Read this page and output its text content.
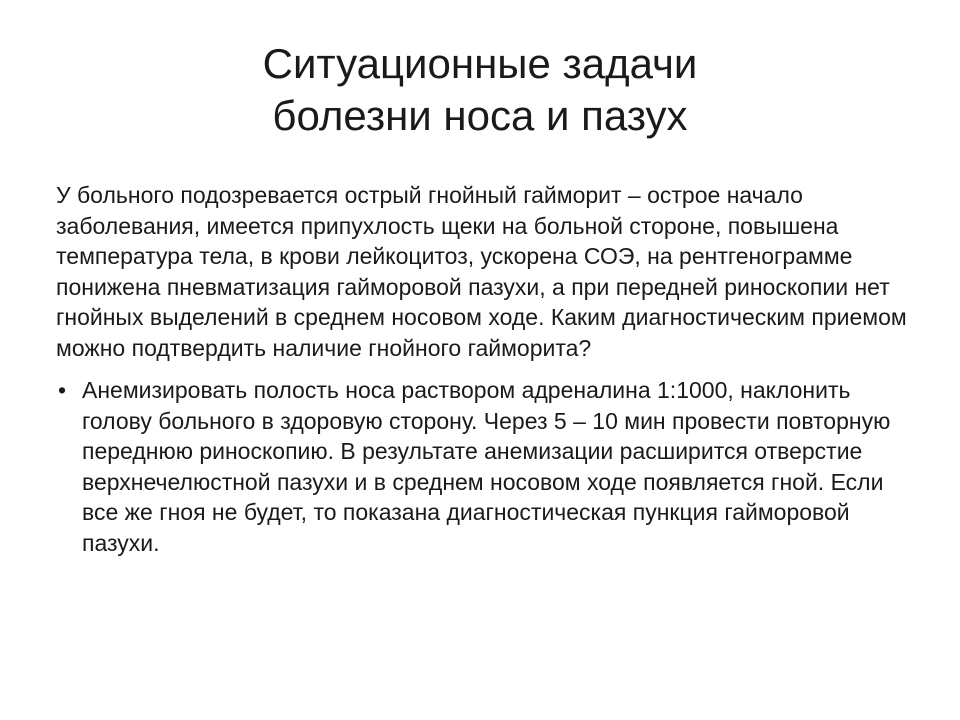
Ситуационные задачи
болезни носа и пазух

У больного подозревается острый гнойный гайморит – острое начало заболевания, имеется припухлость щеки на больной стороне, повышена температура тела, в крови лейкоцитоз, ускорена СОЭ, на рентгенограмме понижена пневматизация гайморовой пазухи, а при передней риноскопии нет гнойных выделений в среднем носовом ходе. Каким диагностическим приемом можно подтвердить наличие гнойного гайморита?

• Анемизировать полость носа раствором адреналина 1:1000, наклонить голову больного в здоровую сторону. Через 5 – 10 мин провести повторную переднюю риноскопию. В результате анемизации расширится отверстие верхнечелюстной пазухи и в среднем носовом ходе появляется гной. Если все же гноя не будет, то показана диагностическая пункция гайморовой пазухи.
